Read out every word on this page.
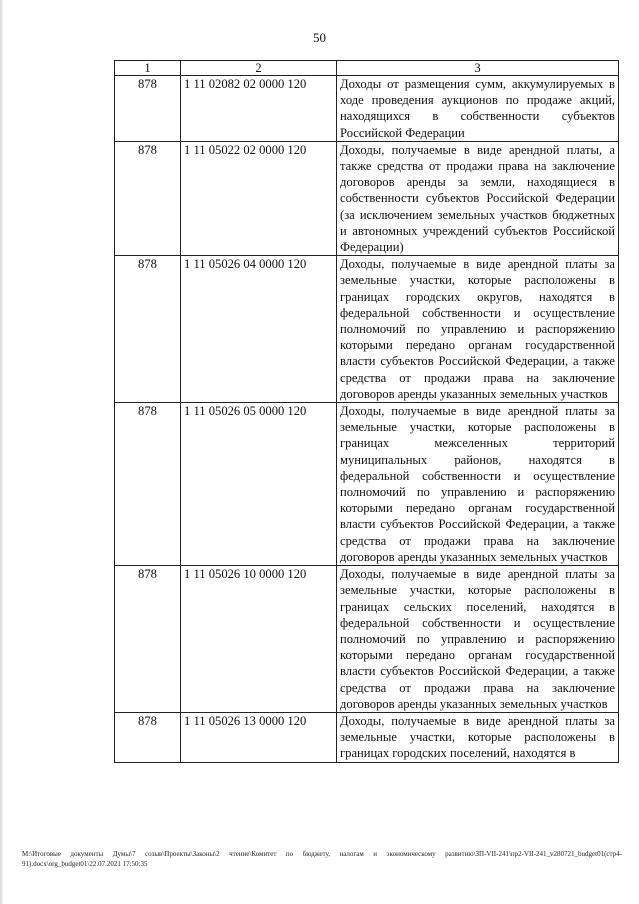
50
1	2	3
878	1 11 02082 02 0000 120	Доходы от размещения сумм, аккумулируемых в ходе проведения аукционов по продаже акций, находящихся в собственности субъектов Российской Федерации
878	1 11 05022 02 0000 120	Доходы, получаемые в виде арендной платы, а также средства от продажи права на заключение договоров аренды за земли, находящиеся в собственности субъектов Российской Федерации (за исключением земельных участков бюджетных и автономных учреждений субъектов Российской Федерации)
878	1 11 05026 04 0000 120	Доходы, получаемые в виде арендной платы за земельные участки, которые расположены в границах городских округов, находятся в федеральной собственности и осуществление полномочий по управлению и распоряжению которыми передано органам государственной власти субъектов Российской Федерации, а также средства от продажи права на заключение договоров аренды указанных земельных участков
878	1 11 05026 05 0000 120	Доходы, получаемые в виде арендной платы за земельные участки, которые расположены в границах межселенных территорий муниципальных районов, находятся в федеральной собственности и осуществление полномочий по управлению и распоряжению которыми передано органам государственной власти субъектов Российской Федерации, а также средства от продажи права на заключение договоров аренды указанных земельных участков
878	1 11 05026 10 0000 120	Доходы, получаемые в виде арендной платы за земельные участки, которые расположены в границах сельских поселений, находятся в федеральной собственности и осуществление полномочий по управлению и распоряжению которыми передано органам государственной власти субъектов Российской Федерации, а также средства от продажи права на заключение договоров аренды указанных земельных участков
878	1 11 05026 13 0000 120	Доходы, получаемые в виде арендной платы за земельные участки, которые расположены в границах городских поселений, находятся в
М:\Итоговые документы Думы\7 созыв\Проекты\Законы\2 чтение\Комитет по бюджету, налогам и экономическому развитию\ЗП-VII-241\пр2-VII-241_v280721_budget01(стр4-91).docx\org_budget01\22.07.2021 17:50:35
